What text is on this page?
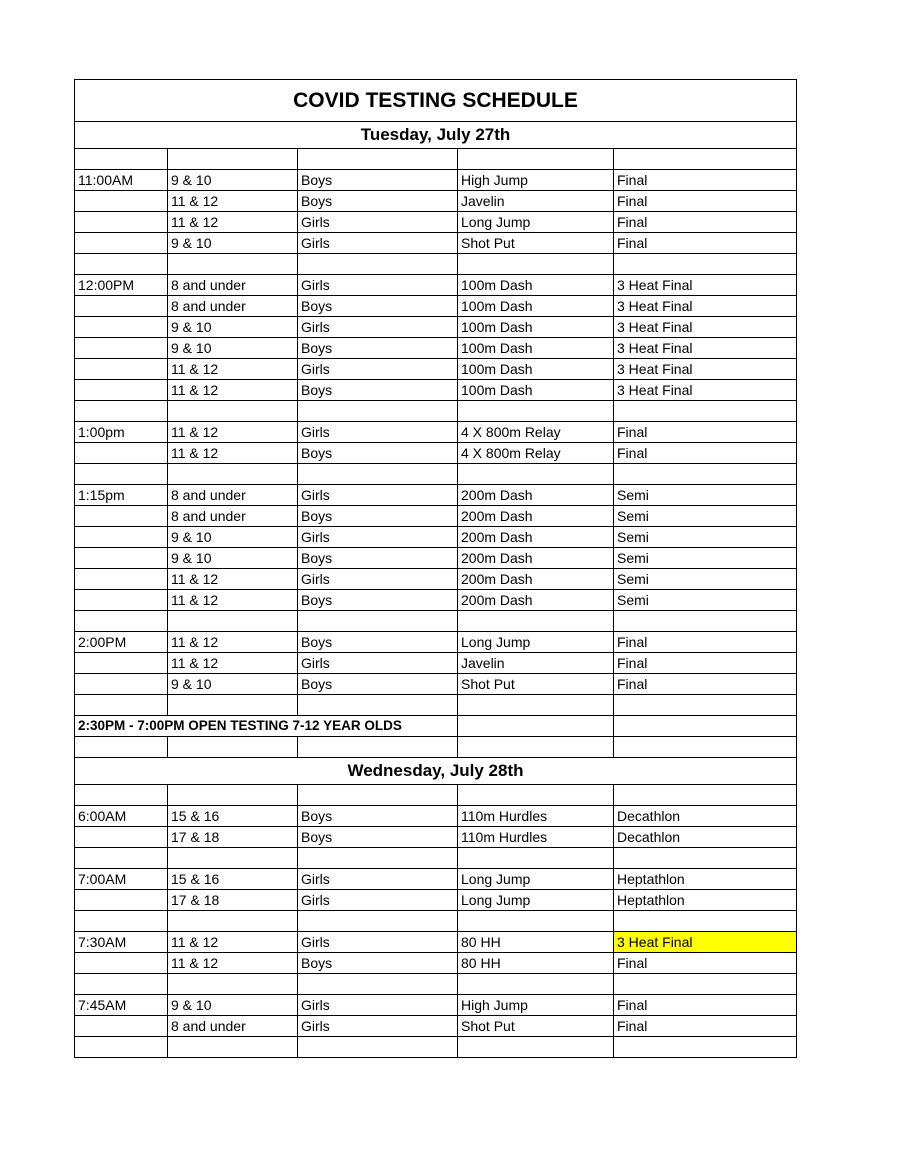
COVID TESTING SCHEDULE				
Tuesday, July 27th				

11:00AM	9 & 10	Boys	High Jump	Final
	11 & 12	Boys	Javelin	Final
	11 & 12	Girls	Long Jump	Final
	9 & 10	Girls	Shot Put	Final

12:00PM	8 and under	Girls	100m Dash	3 Heat Final
	8 and under	Boys	100m Dash	3 Heat Final
	9 & 10	Girls	100m Dash	3 Heat Final
	9 & 10	Boys	100m Dash	3 Heat Final
	11 & 12	Girls	100m Dash	3 Heat Final
	11 & 12	Boys	100m Dash	3 Heat Final

1:00pm	11 & 12	Girls	4 X 800m Relay	Final
	11 & 12	Boys	4 X 800m Relay	Final

1:15pm	8 and under	Girls	200m Dash	Semi
	8 and under	Boys	200m Dash	Semi
	9 & 10	Girls	200m Dash	Semi
	9 & 10	Boys	200m Dash	Semi
	11 & 12	Girls	200m Dash	Semi
	11 & 12	Boys	200m Dash	Semi

2:00PM	11 & 12	Boys	Long Jump	Final
	11 & 12	Girls	Javelin	Final
	9 & 10	Boys	Shot Put	Final

2:30PM - 7:00PM OPEN TESTING 7-12 YEAR OLDS				

Wednesday, July 28th				

6:00AM	15 & 16	Boys	110m Hurdles	Decathlon
	17 & 18	Boys	110m Hurdles	Decathlon

7:00AM	15 & 16	Girls	Long Jump	Heptathlon
	17 & 18	Girls	Long Jump	Heptathlon

7:30AM	11 & 12	Girls	80 HH	3 Heat Final
	11 & 12	Boys	80 HH	Final

7:45AM	9 & 10	Girls	High Jump	Final
	8 and under	Girls	Shot Put	Final
